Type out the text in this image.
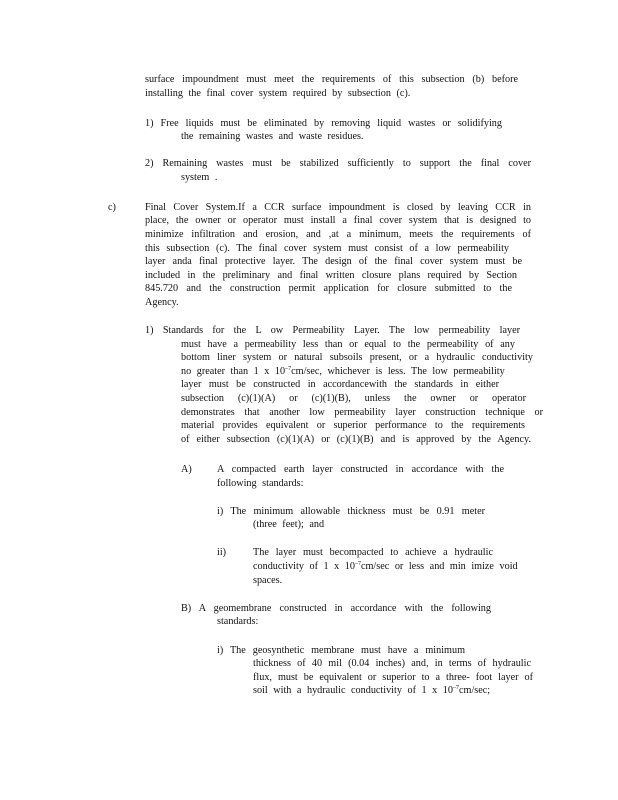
surface impoundment must meet the requirements of this subsection (b) before
installing the final cover system required by subsection (c).
1) Free liquids must be eliminated by removing liquid wastes or solidifying
the remaining wastes and waste residues.
2) Remaining wastes must be stabilized sufficiently to support the final cover
system .
c)	Final Cover System.If a CCR surface impoundment is closed by leaving CCR in
place, the owner or operator must install a final cover system that is designed to
minimize infiltration and erosion, and ,at a minimum, meets the requirements of
this subsection (c). The final cover system must consist of a low permeability
layer anda final protective layer. The design of the final cover system must be
included in the preliminary and final written closure plans required by Section
845.720 and the construction permit application for closure submitted to the
Agency.
1) Standards for the L ow Permeability Layer. The low permeability layer
must have a permeability less than or equal to the permeability of any
bottom liner system or natural subsoils present, or a hydraulic conductivity
no greater than 1 x $10^{-7}cm/\sec$, whichever is less. The low permeability
layer must be constructed in accordancewith the standards in either
subsection (c)(1)(A) or (c)(1)(B), unless the owner or operator
demonstrates that another low permeability layer construction technique or
material provides equivalent or superior performance to the requirements
of either subsection (c)(1)(A) or (c)(1)(B) and is approved by the Agency.
A) A compacted earth layer constructed in accordance with the
following standards:
i) The minimum allowable thickness must be 0.91 meter
(three feet); and
ii)	The layer must becompacted to achieve a hydraulic
conductivity of 1 x $10^{-7}cm/\sec$ or less and min imize void
spaces.
B) A geomembrane constructed in accordance with the following
standards:
i) The geosynthetic membrane must have a minimum
thickness of 40 mil (0.04 inches) and, in terms of hydraulic
flux, must be equivalent or superior to a three- foot layer of
soil with a hydraulic conductivity of 1 x $10^{-7}cm/\sec$;
